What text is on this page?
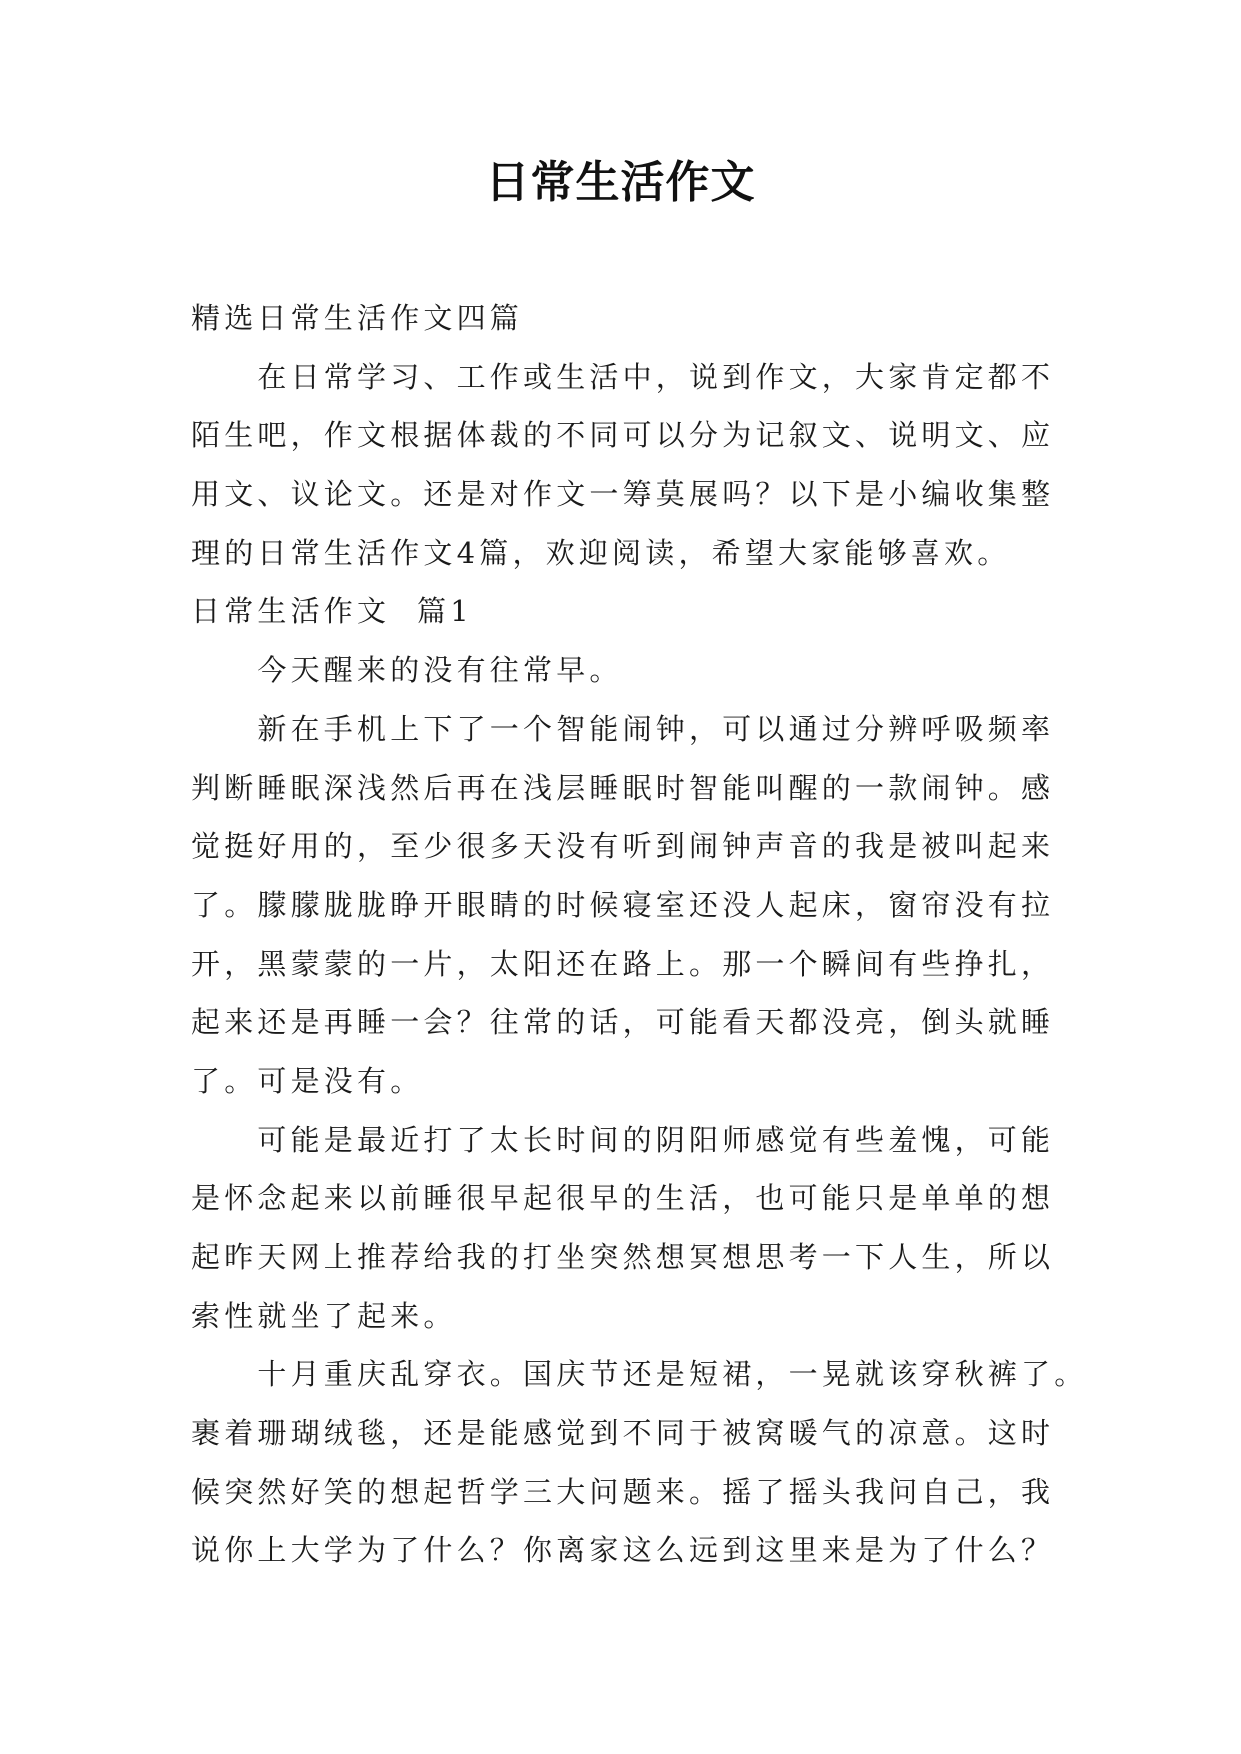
日常生活作文
精选日常生活作文四篇
在日常学习、工作或生活中，说到作文，大家肯定都不
陌生吧，作文根据体裁的不同可以分为记叙文、说明文、应
用文、议论文。还是对作文一筹莫展吗？以下是小编收集整
理的日常生活作文4篇，欢迎阅读，希望大家能够喜欢。
日常生活作文  篇1
今天醒来的没有往常早。
新在手机上下了一个智能闹钟，可以通过分辨呼吸频率
判断睡眠深浅然后再在浅层睡眠时智能叫醒的一款闹钟。感
觉挺好用的，至少很多天没有听到闹钟声音的我是被叫起来
了。朦朦胧胧睁开眼睛的时候寝室还没人起床，窗帘没有拉
开，黑蒙蒙的一片，太阳还在路上。那一个瞬间有些挣扎，
起来还是再睡一会？往常的话，可能看天都没亮，倒头就睡
了。可是没有。
可能是最近打了太长时间的阴阳师感觉有些羞愧，可能
是怀念起来以前睡很早起很早的生活，也可能只是单单的想
起昨天网上推荐给我的打坐突然想冥想思考一下人生，所以
索性就坐了起来。
十月重庆乱穿衣。国庆节还是短裙，一晃就该穿秋裤了。
裹着珊瑚绒毯，还是能感觉到不同于被窝暖气的凉意。这时
候突然好笑的想起哲学三大问题来。摇了摇头我问自己，我
说你上大学为了什么？你离家这么远到这里来是为了什么？
